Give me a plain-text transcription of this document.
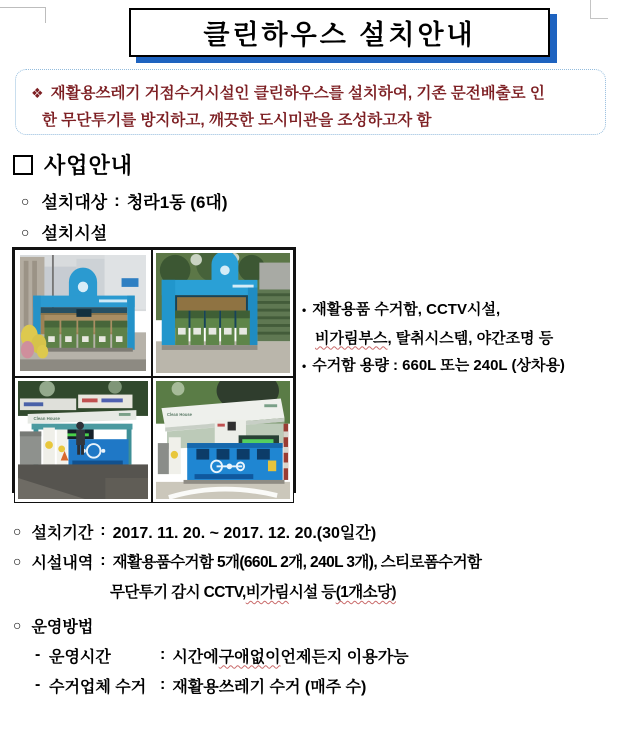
클린하우스 설치안내
❖ 재활용쓰레기 거점수거시설인 클린하우스를 설치하여, 기존 문전배출로 인
한 무단투기를 방지하고, 깨끗한 도시미관을 조성하고자 함
사업안내
○ 설치대상 : 청라1동 (6대)
○ 설치시설
Clean House
Clean House
• 재활용품 수거함, CCTV시설,
비가림부스, 탈취시스템, 야간조명 등
• 수거함 용량 : 660L 또는 240L (상차용)
○ 설치기간 : 2017. 11. 20. ~ 2017. 12. 20.(30일간)
○ 시설내역 : 재활용품수거함 5개(660L 2개, 240L 3개), 스티로폼수거함
무단투기 감시 CCTV, 비가림 시설 등 (1개소당)
○ 운영방법
- 운영시간	: 시간에 구애없이 언제든지 이용가능
- 수거업체 수거 : 재활용쓰레기 수거 (매주 수)
